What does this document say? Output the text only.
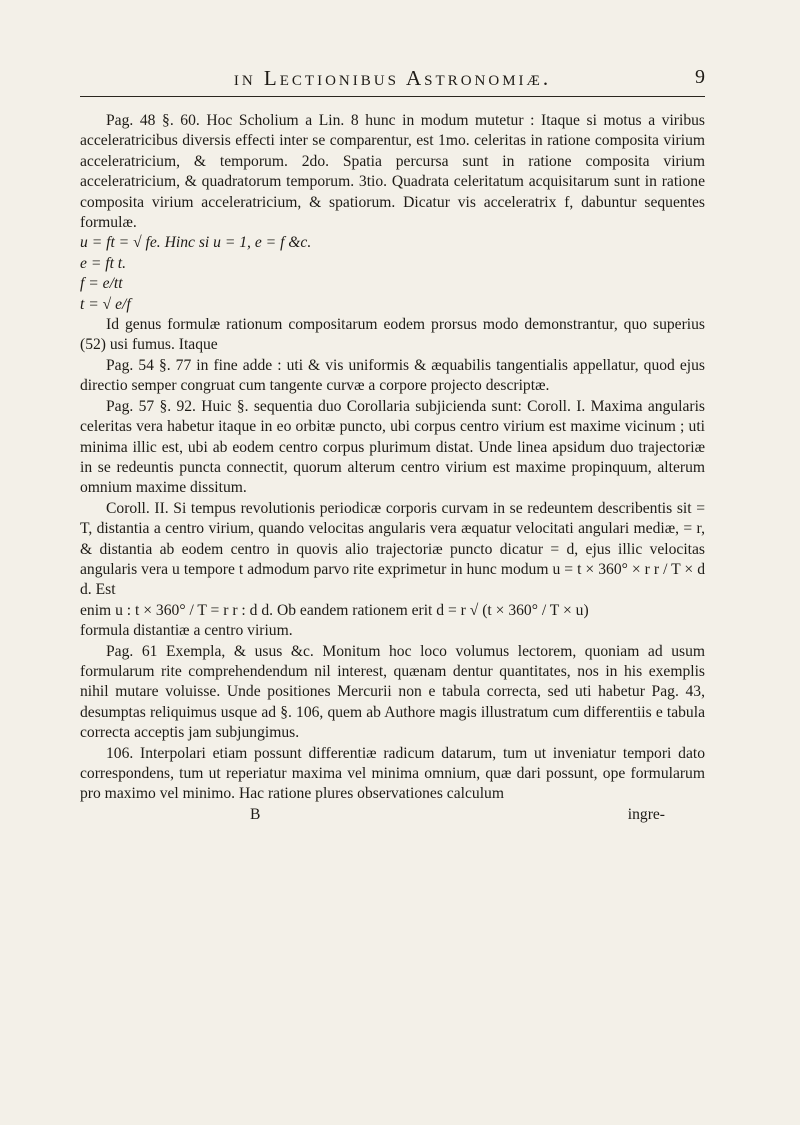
in Lectionibus Astronomiæ.	9

Pag. 48 §. 60. Hoc Scholium a Lin. 8 hunc in modum mutetur : Itaque si motus a viribus acceleratricibus diversis effecti inter se comparentur, est 1mo. celeritas in ratione composita virium acceleratricium, & temporum. 2do. Spatia percursa sunt in ratione composita virium acceleratricium, & quadratorum temporum. 3tio. Quadrata celeritatum acquisitarum sunt in ratione composita virium acceleratricium, & spatiorum. Dicatur vis acceleratrix f, dabuntur sequentes formulæ.

u = ft = √ fe. Hinc si u = 1, e = f &c.

e = ft t.

f = e/tt

t = √ e/f

Id genus formulæ rationum compositarum eodem prorsus modo demonstrantur, quo superius (52) usi fumus. Itaque

Pag. 54 §. 77 in fine adde : uti & vis uniformis & æquabilis tangentialis appellatur, quod ejus directio semper congruat cum tangente curvæ a corpore projecto descriptæ.

Pag. 57 §. 92. Huic §. sequentia duo Corollaria subjicienda sunt: Coroll. I. Maxima angularis celeritas vera habetur itaque in eo orbitæ puncto, ubi corpus centro virium est maxime vicinum ; uti minima illic est, ubi ab eodem centro corpus plurimum distat. Unde linea apsidum duo trajectoriæ in se redeuntis puncta connectit, quorum alterum centro virium est maxime propinquum, alterum omnium maxime dissitum.

Coroll. II. Si tempus revolutionis periodicæ corporis curvam in se redeuntem describentis sit = T, distantia a centro virium, quando velocitas angularis vera æquatur velocitati angulari mediæ, = r, & distantia ab eodem centro in quovis alio trajectoriæ puncto dicatur = d, ejus illic velocitas angularis vera u tempore t admodum parvo rite exprimetur in hunc modum u = t × 360° × r r / T × d d. Est

enim u : t × 360° / T = r r : d d. Ob eandem rationem erit d = r √ (t × 360° / T × u)

formula distantiæ a centro virium.

Pag. 61 Exempla, & usus &c. Monitum hoc loco volumus lectorem, quoniam ad usum formularum rite comprehendendum nil interest, quænam dentur quantitates, nos in his exemplis nihil mutare voluisse. Unde positiones Mercurii non e tabula correcta, sed uti habetur Pag. 43, desumptas reliquimus usque ad §. 106, quem ab Authore magis illustratum cum differentiis e tabula correcta acceptis jam subjungimus.

106. Interpolari etiam possunt differentiæ radicum datarum, tum ut inveniatur tempori dato correspondens, tum ut reperiatur maxima vel minima omnium, quæ dari possunt, ope formularum pro maximo vel minimo. Hac ratione plures observationes calculum

B	ingre-
